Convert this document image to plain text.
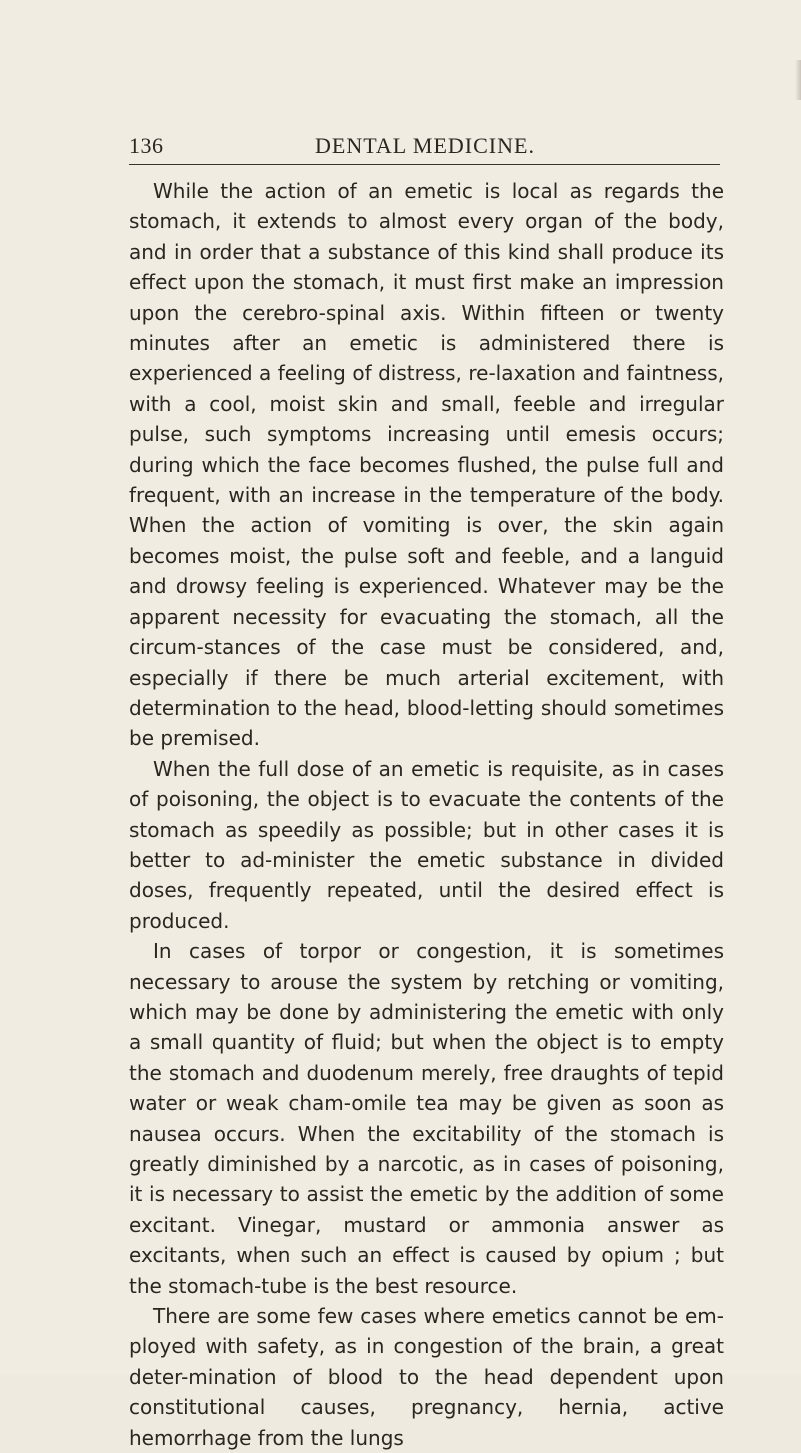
136	DENTAL MEDICINE.

While the action of an emetic is local as regards the stomach, it extends to almost every organ of the body, and in order that a substance of this kind shall produce its effect upon the stomach, it must first make an impression upon the cerebro-spinal axis. Within fifteen or twenty minutes after an emetic is administered there is experienced a feeling of distress, re-laxation and faintness, with a cool, moist skin and small, feeble and irregular pulse, such symptoms increasing until emesis occurs; during which the face becomes flushed, the pulse full and frequent, with an increase in the temperature of the body. When the action of vomiting is over, the skin again becomes moist, the pulse soft and feeble, and a languid and drowsy feeling is experienced. Whatever may be the apparent necessity for evacuating the stomach, all the circum-stances of the case must be considered, and, especially if there be much arterial excitement, with determination to the head, blood-letting should sometimes be premised.

When the full dose of an emetic is requisite, as in cases of poisoning, the object is to evacuate the contents of the stomach as speedily as possible; but in other cases it is better to ad-minister the emetic substance in divided doses, frequently repeated, until the desired effect is produced.

In cases of torpor or congestion, it is sometimes necessary to arouse the system by retching or vomiting, which may be done by administering the emetic with only a small quantity of fluid; but when the object is to empty the stomach and duodenum merely, free draughts of tepid water or weak cham-omile tea may be given as soon as nausea occurs. When the excitability of the stomach is greatly diminished by a narcotic, as in cases of poisoning, it is necessary to assist the emetic by the addition of some excitant. Vinegar, mustard or ammonia answer as excitants, when such an effect is caused by opium ; but the stomach-tube is the best resource.

There are some few cases where emetics cannot be em-ployed with safety, as in congestion of the brain, a great deter-mination of blood to the head dependent upon constitutional causes, pregnancy, hernia, active hemorrhage from the lungs
